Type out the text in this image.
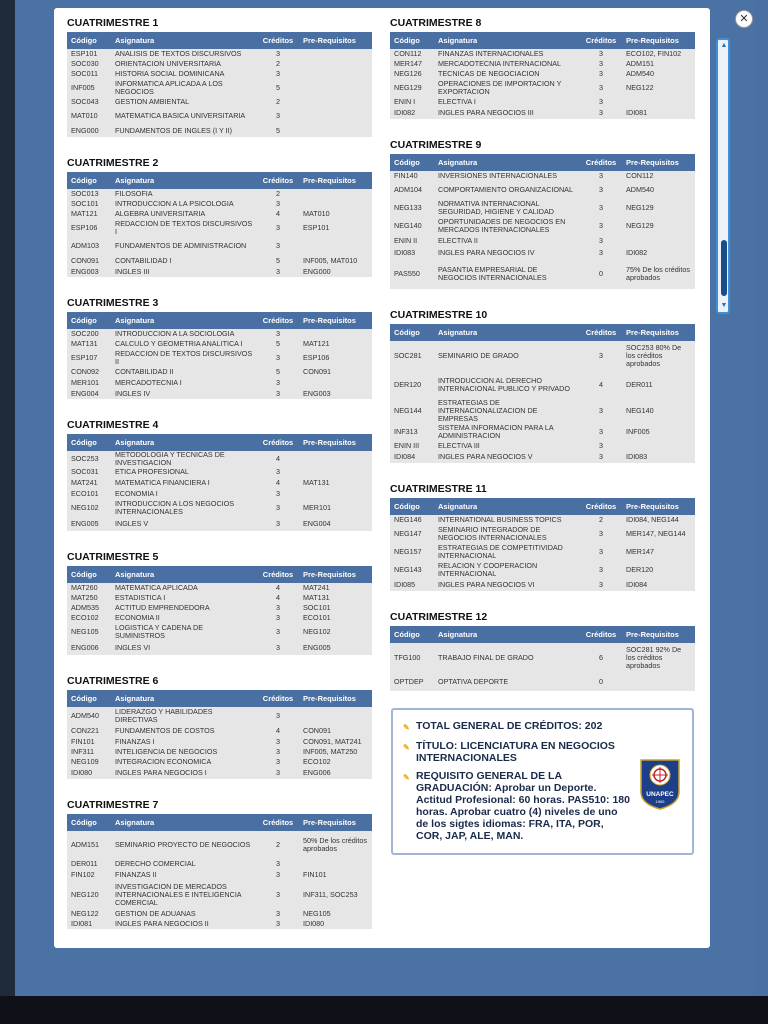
CUATRIMESTRE 1
Código	Asignatura	Créditos	Pre-Requisitos
ESP101	ANALISIS DE TEXTOS DISCURSIVOS	3	
SOC030	ORIENTACION UNIVERSITARIA	2	
SOC011	HISTORIA SOCIAL DOMINICANA	3	
INF005	INFORMATICA APLICADA A LOS NEGOCIOS	5	
SOC043	GESTION AMBIENTAL	2	
MAT010	MATEMATICA BASICA UNIVERSITARIA	3	
ENG000	FUNDAMENTOS DE INGLES (I Y II)	5	
CUATRIMESTRE 2
Código	Asignatura	Créditos	Pre-Requisitos
SOC013	FILOSOFIA	2	
SOC101	INTRODUCCION A LA PSICOLOGIA	3	
MAT121	ALGEBRA UNIVERSITARIA	4	MAT010
ESP106	REDACCION DE TEXTOS DISCURSIVOS I	3	ESP101
ADM103	FUNDAMENTOS DE ADMINISTRACION	3	
CON091	CONTABILIDAD I	5	INF005, MAT010
ENG003	INGLES III	3	ENG000
CUATRIMESTRE 3
Código	Asignatura	Créditos	Pre-Requisitos
SOC200	INTRODUCCION A LA SOCIOLOGIA	3	
MAT131	CALCULO Y GEOMETRIA ANALITICA I	5	MAT121
ESP107	REDACCION DE TEXTOS DISCURSIVOS II	3	ESP106
CON092	CONTABILIDAD II	5	CON091
MER101	MERCADOTECNIA I	3	
ENG004	INGLES IV	3	ENG003
CUATRIMESTRE 4
Código	Asignatura	Créditos	Pre-Requisitos
SOC253	METODOLOGIA Y TECNICAS DE INVESTIGACION	4	
SOC031	ETICA PROFESIONAL	3	
MAT241	MATEMATICA FINANCIERA I	4	MAT131
ECO101	ECONOMIA I	3	
NEG102	INTRODUCCION A LOS NEGOCIOS INTERNACIONALES	3	MER101
ENG005	INGLES V	3	ENG004
CUATRIMESTRE 5
Código	Asignatura	Créditos	Pre-Requisitos
MAT260	MATEMATICA APLICADA	4	MAT241
MAT250	ESTADISTICA I	4	MAT131
ADM535	ACTITUD EMPRENDEDORA	3	SOC101
ECO102	ECONOMIA II	3	ECO101
NEG105	LOGISTICA Y CADENA DE SUMINISTROS	3	NEG102
ENG006	INGLES VI	3	ENG005
CUATRIMESTRE 6
Código	Asignatura	Créditos	Pre-Requisitos
ADM540	LIDERAZGO Y HABILIDADES DIRECTIVAS	3	
CON221	FUNDAMENTOS DE COSTOS	4	CON091
FIN101	FINANZAS I	3	CON091, MAT241
INF311	INTELIGENCIA DE NEGOCIOS	3	INF005, MAT250
NEG109	INTEGRACION ECONOMICA	3	ECO102
IDI080	INGLES PARA NEGOCIOS I	3	ENG006
CUATRIMESTRE 7
Código	Asignatura	Créditos	Pre-Requisitos
ADM151	SEMINARIO PROYECTO DE NEGOCIOS	2	50% De los créditos aprobados
DER011	DERECHO COMERCIAL	3	
FIN102	FINANZAS II	3	FIN101
NEG120	INVESTIGACION DE MERCADOS INTERNACIONALES E INTELIGENCIA COMERCIAL	3	INF311, SOC253
NEG122	GESTION DE ADUANAS	3	NEG105
IDI081	INGLES PARA NEGOCIOS II	3	IDI080
CUATRIMESTRE 8
Código	Asignatura	Créditos	Pre-Requisitos
CON112	FINANZAS INTERNACIONALES	3	ECO102, FIN102
MER147	MERCADOTECNIA INTERNACIONAL	3	ADM151
NEG126	TECNICAS DE NEGOCIACION	3	ADM540
NEG129	OPERACIONES DE IMPORTACION Y EXPORTACION	3	NEG122
ENIN I	ELECTIVA I	3	
IDI082	INGLES PARA NEGOCIOS III	3	IDI081
CUATRIMESTRE 9
Código	Asignatura	Créditos	Pre-Requisitos
FIN140	INVERSIONES INTERNACIONALES	3	CON112
ADM104	COMPORTAMIENTO ORGANIZACIONAL	3	ADM540
NEG133	NORMATIVA INTERNACIONAL SEGURIDAD, HIGIENE Y CALIDAD	3	NEG129
NEG140	OPORTUNIDADES DE NEGOCIOS EN MERCADOS INTERNACIONALES	3	NEG129
ENIN II	ELECTIVA II	3	
IDI083	INGLES PARA NEGOCIOS IV	3	IDI082
PAS550	PASANTIA EMPRESARIAL DE NEGOCIOS INTERNACIONALES	0	75% De los créditos aprobados
CUATRIMESTRE 10
Código	Asignatura	Créditos	Pre-Requisitos
SOC281	SEMINARIO DE GRADO	3	SOC253 80% De los créditos aprobados
DER120	INTRODUCCION AL DERECHO INTERNACIONAL PUBLICO Y PRIVADO	4	DER011
NEG144	ESTRATEGIAS DE INTERNACIONALIZACION DE EMPRESAS	3	NEG140
INF313	SISTEMA INFORMACION PARA LA ADMINISTRACION	3	INF005
ENIN III	ELECTIVA III	3	
IDI084	INGLES PARA NEGOCIOS V	3	IDI083
CUATRIMESTRE 11
Código	Asignatura	Créditos	Pre-Requisitos
NEG146	INTERNATIONAL BUSINESS TOPICS	2	IDI084, NEG144
NEG147	SEMINARIO INTEGRADOR DE NEGOCIOS INTERNACIONALES	3	MER147, NEG144
NEG157	ESTRATEGIAS DE COMPETITIVIDAD INTERNACIONAL	3	MER147
NEG143	RELACION Y COOPERACION INTERNACIONAL	3	DER120
IDI085	INGLES PARA NEGOCIOS VI	3	IDI084
CUATRIMESTRE 12
Código	Asignatura	Créditos	Pre-Requisitos
TFG100	TRABAJO FINAL DE GRADO	6	SOC281 92% De los créditos aprobados
OPTDEP	OPTATIVA DEPORTE	0	
✎ TOTAL GENERAL DE CRÉDITOS: 202
✎ TÍTULO: LICENCIATURA EN NEGOCIOS INTERNACIONALES
✎ REQUISITO GENERAL DE LA GRADUACIÓN: Aprobar un Deporte. Actitud Profesional: 60 horas. PAS510: 180 horas. Aprobar cuatro (4) niveles de uno de los sigtes idiomas: FRA, ITA, POR, COR, JAP, ALE, MAN.
UNAPEC
1965
✕
▲
▼
